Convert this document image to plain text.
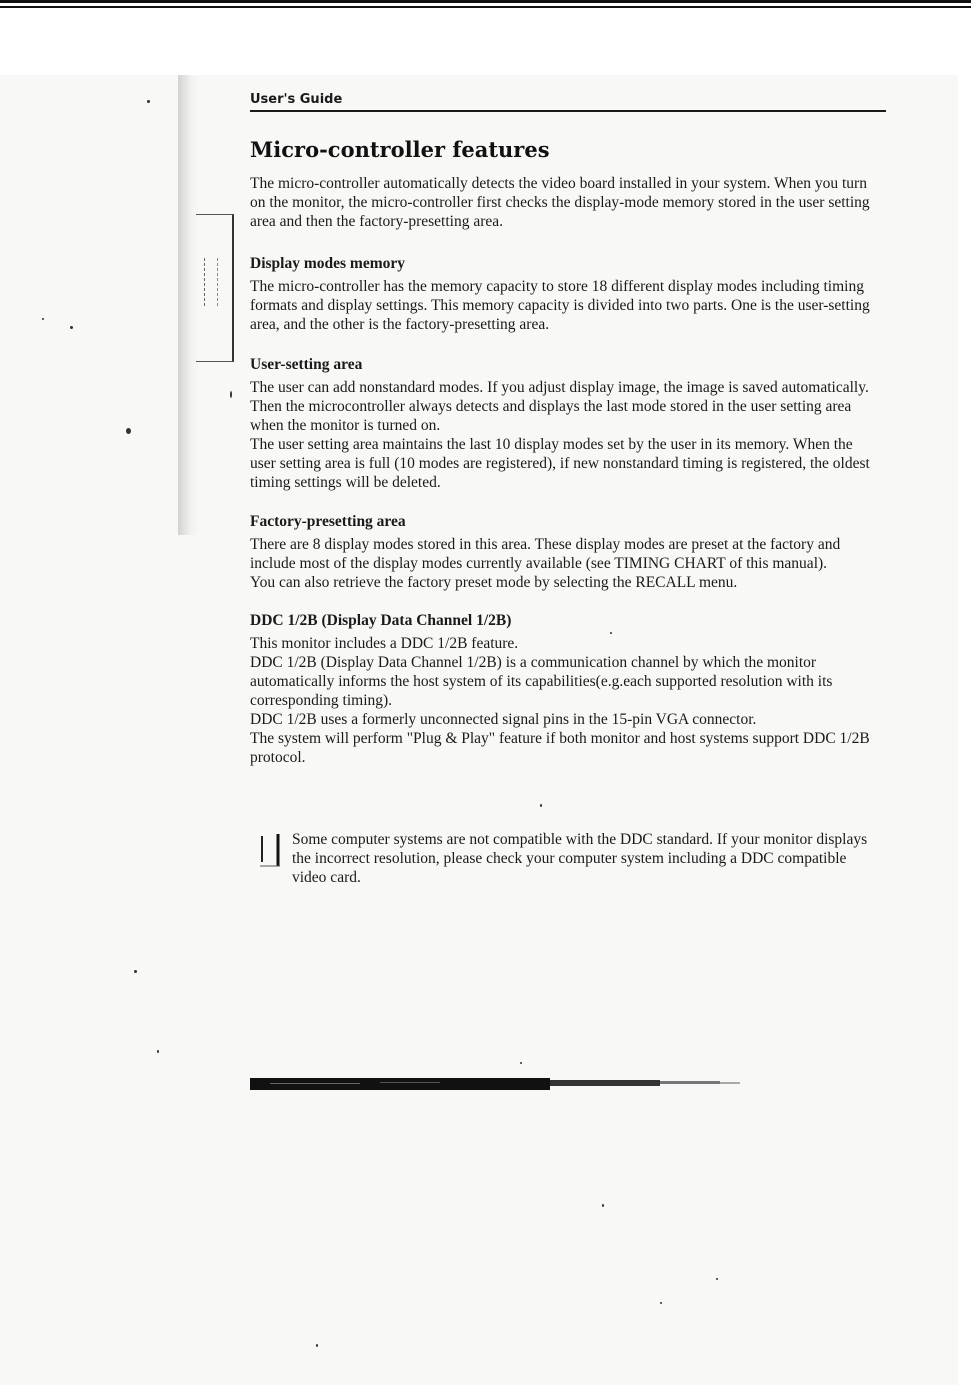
User's Guide
Micro-controller features

The micro-controller automatically detects the video board installed in your system. When you turn on the monitor, the micro-controller first checks the display-mode memory stored in the user setting area and then the factory-presetting area.

Display modes memory

The micro-controller has the memory capacity to store 18 different display modes including timing formats and display settings. This memory capacity is divided into two parts. One is the user-setting area, and the other is the factory-presetting area.

User-setting area

The user can add nonstandard modes. If you adjust display image, the image is saved automatically. Then the microcontroller always detects and displays the last mode stored in the user setting area when the monitor is turned on.

The user setting area maintains the last 10 display modes set by the user in its memory. When the user setting area is full (10 modes are registered), if new nonstandard timing is registered, the oldest timing settings will be deleted.

Factory-presetting area

There are 8 display modes stored in this area. These display modes are preset at the factory and include most of the display modes currently available (see TIMING CHART of this manual).

You can also retrieve the factory preset mode by selecting the RECALL menu.

DDC 1/2B (Display Data Channel 1/2B)

This monitor includes a DDC 1/2B feature.

DDC 1/2B (Display Data Channel 1/2B) is a communication channel by which the monitor automatically informs the host system of its capabilities(e.g.each supported resolution with its corresponding timing).

DDC 1/2B uses a formerly unconnected signal pins in the 15-pin VGA connector.

The system will perform "Plug & Play" feature if both monitor and host systems support DDC 1/2B protocol.

Some computer systems are not compatible with the DDC standard. If your monitor displays the incorrect resolution, please check your computer system including a DDC compatible video card.
